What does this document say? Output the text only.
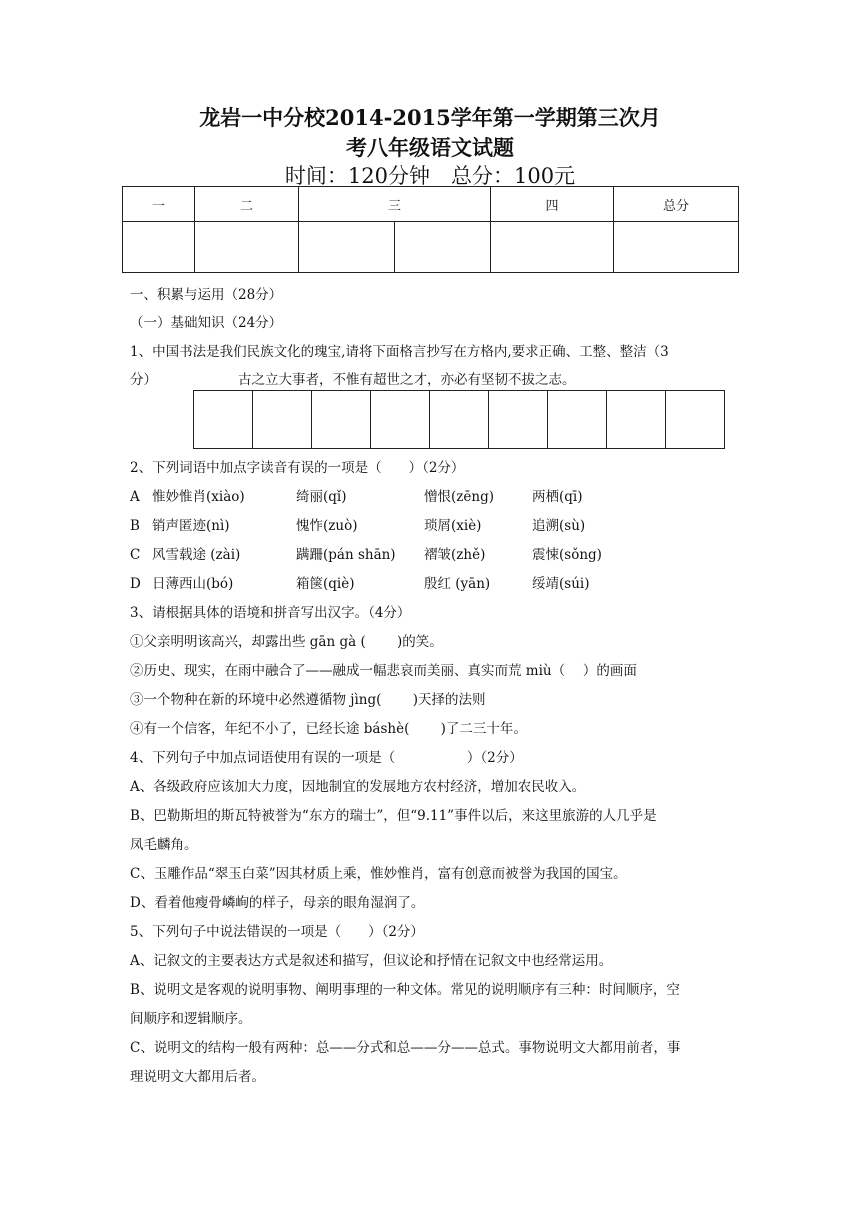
龙岩一中分校2014-2015学年第一学期第三次月
考八年级语文试题
时间：120分钟　总分：100元
一	二	三		四	总分

一、积累与运用（28分）
（一）基础知识（24分）
1、中国书法是我们民族文化的瑰宝,请将下面格言抄写在方格内,要求正确、工整、整洁（3
分）	古之立大事者，不惟有超世之才，亦必有坚韧不拔之志。
2、下列词语中加点字读音有误的一项是（　　）（2分）
A 惟妙惟肖(xiào)	绮丽(qǐ)	憎恨(zēng)	两栖(qī)
B 销声匿迹(nì)	愧怍(zuò)	琐屑(xiè)	追溯(sù)
C 风雪载途 (zài)	蹒跚(pán shān) 褶皱(zhě)	震悚(sǒng)
D 日薄西山(bó)	箱箧(qiè)	殷红 (yān)	绥靖(súi)
3、请根据具体的语境和拼音写出汉字。（4分）
①父亲明明该高兴，却露出些 gān gà (　　 )的笑。
②历史、现实，在雨中融合了——融成一幅悲哀而美丽、真实而荒 miù（　 ）的画面
③一个物种在新的环境中必然遵循物 jìng(　　 )天择的法则
④有一个信客，年纪不小了，已经长途 báshè(　　 )了二三十年。
4、下列句子中加点词语使用有误的一项是（　　　　　 ）（2分）
A、各级政府应该加大力度，因地制宜的发展地方农村经济，增加农民收入。
B、巴勒斯坦的斯瓦特被誉为“东方的瑞士”，但“9.11”事件以后，来这里旅游的人几乎是
凤毛麟角。
C、玉雕作品“翠玉白菜”因其材质上乘，惟妙惟肖，富有创意而被誉为我国的国宝。
D、看着他瘦骨嶙峋的样子，母亲的眼角湿润了。
5、下列句子中说法错误的一项是（　　）（2分）
A、记叙文的主要表达方式是叙述和描写，但议论和抒情在记叙文中也经常运用。
B、说明文是客观的说明事物、阐明事理的一种文体。常见的说明顺序有三种：时间顺序，空
间顺序和逻辑顺序。
C、说明文的结构一般有两种：总——分式和总——分——总式。事物说明文大都用前者，事
理说明文大都用后者。
